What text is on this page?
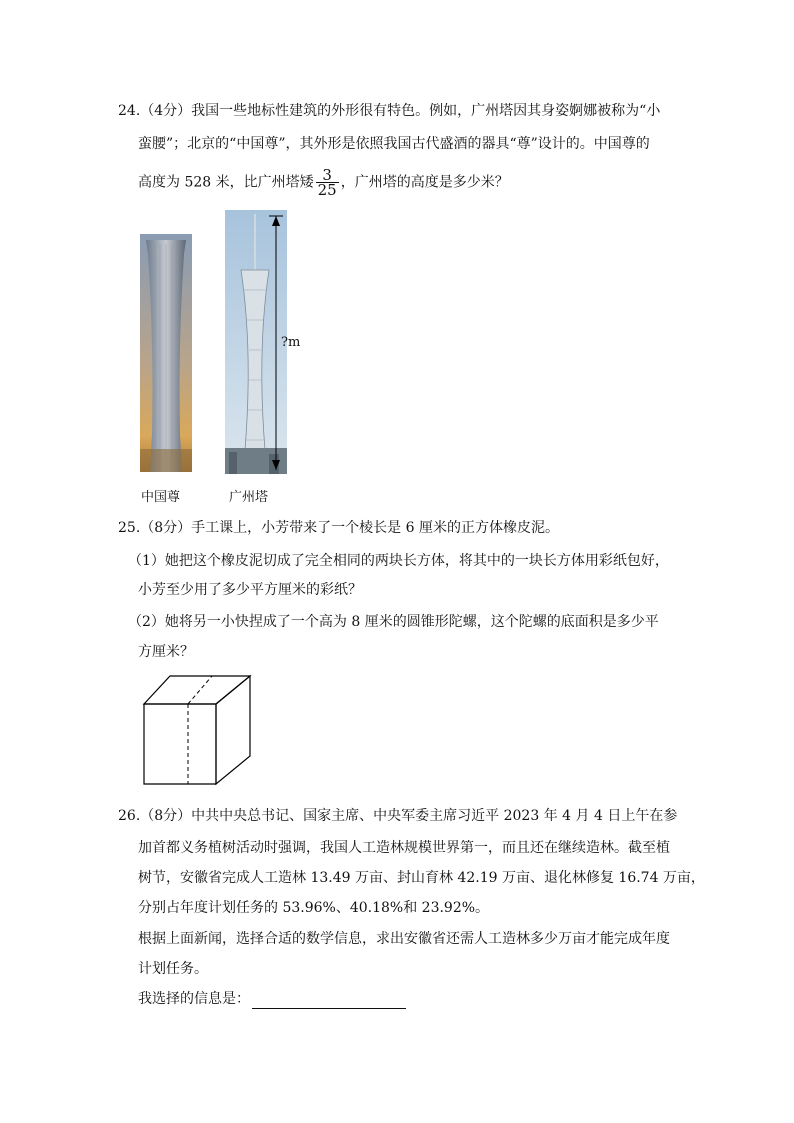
24.（4分）我国一些地标性建筑的外形很有特色。例如，广州塔因其身姿婀娜被称为“小
蛮腰”；北京的“中国尊”，其外形是依照我国古代盛酒的器具“尊”设计的。中国尊的
高度为 528 米，比广州塔矮 $\frac{3}{25}$ ，广州塔的高度是多少米？
?m
中国尊	广州塔
25.（8分）手工课上，小芳带来了一个棱长是 6 厘米的正方体橡皮泥。
（1）她把这个橡皮泥切成了完全相同的两块长方体，将其中的一块长方体用彩纸包好，
小芳至少用了多少平方厘米的彩纸？
（2）她将另一小快捏成了一个高为 8 厘米的圆锥形陀螺，这个陀螺的底面积是多少平
方厘米？
26.（8分）中共中央总书记、国家主席、中央军委主席习近平 2023 年 4 月 4 日上午在参
加首都义务植树活动时强调，我国人工造林规模世界第一，而且还在继续造林。截至植
树节，安徽省完成人工造林 13.49 万亩、封山育林 42.19 万亩、退化林修复 16.74 万亩，
分别占年度计划任务的 53.96%、40.18%和 23.92%。
根据上面新闻，选择合适的数学信息，求出安徽省还需人工造林多少万亩才能完成年度
计划任务。
我选择的信息是：
